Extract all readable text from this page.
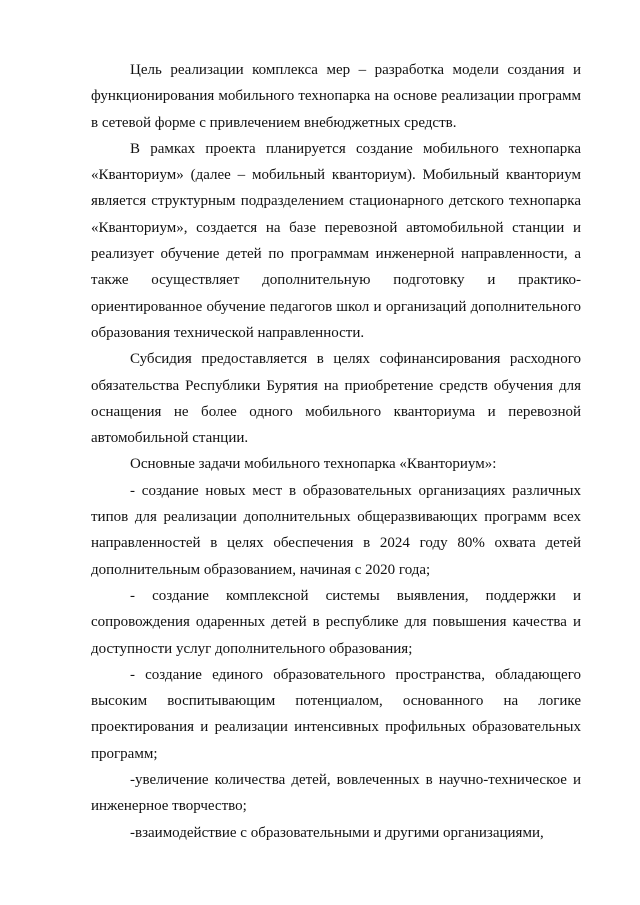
Цель реализации комплекса мер – разработка модели создания и функционирования мобильного технопарка на основе реализации программ в сетевой форме с привлечением внебюджетных средств.

В рамках проекта планируется создание мобильного технопарка «Кванториум» (далее – мобильный кванториум). Мобильный кванториум является структурным подразделением стационарного детского технопарка «Кванториум», создается на базе перевозной автомобильной станции и реализует обучение детей по программам инженерной направленности, а также осуществляет дополнительную подготовку и практико-ориентированное обучение педагогов школ и организаций дополнительного образования технической направленности.

Субсидия предоставляется в целях софинансирования расходного обязательства Республики Бурятия на приобретение средств обучения для оснащения не более одного мобильного кванториума и перевозной автомобильной станции.

Основные задачи мобильного технопарка «Кванториум»:

- создание новых мест в образовательных организациях различных типов для реализации дополнительных общеразвивающих программ всех направленностей в целях обеспечения в 2024 году 80% охвата детей дополнительным образованием, начиная с 2020 года;

- создание комплексной системы выявления, поддержки и сопровождения одаренных детей в республике для повышения качества и доступности услуг дополнительного образования;

- создание единого образовательного пространства, обладающего высоким воспитывающим потенциалом, основанного на логике проектирования и реализации интенсивных профильных образовательных программ;

-увеличение количества детей, вовлеченных в научно-техническое и инженерное творчество;

-взаимодействие с образовательными и другими организациями,
